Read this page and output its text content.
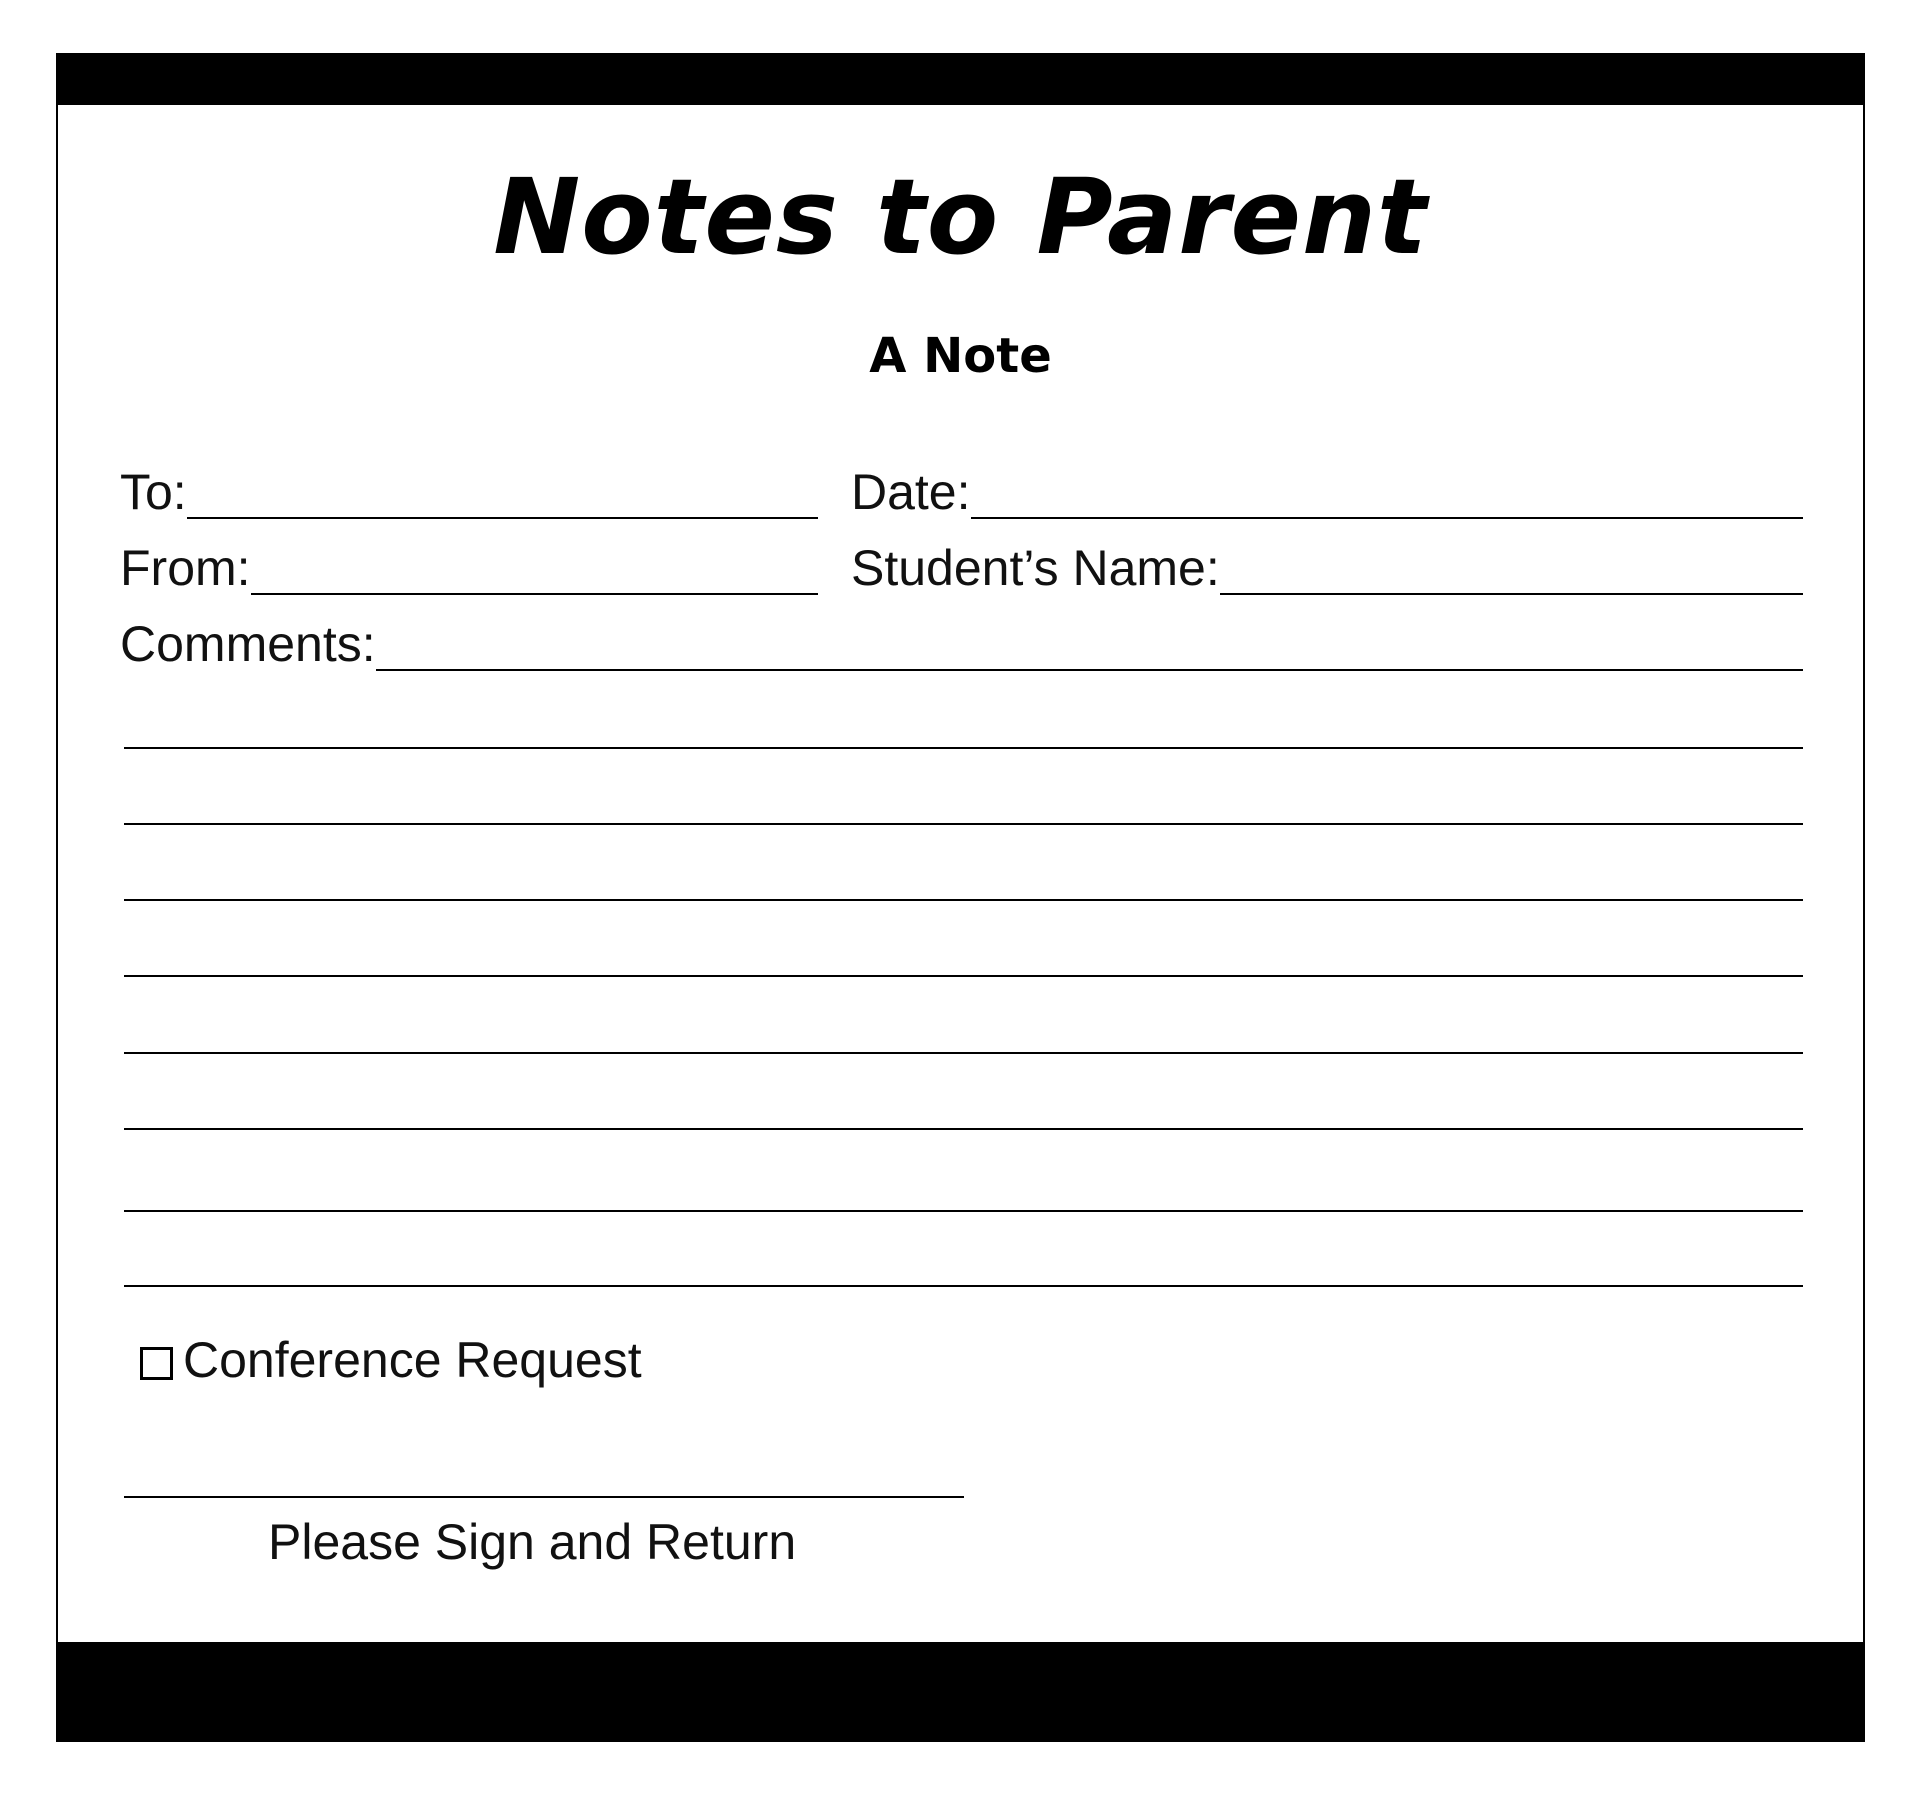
Notes to Parent
A Note
To:	Date:
From:	Student’s Name:
Comments:
Conference Request
Please Sign and Return
